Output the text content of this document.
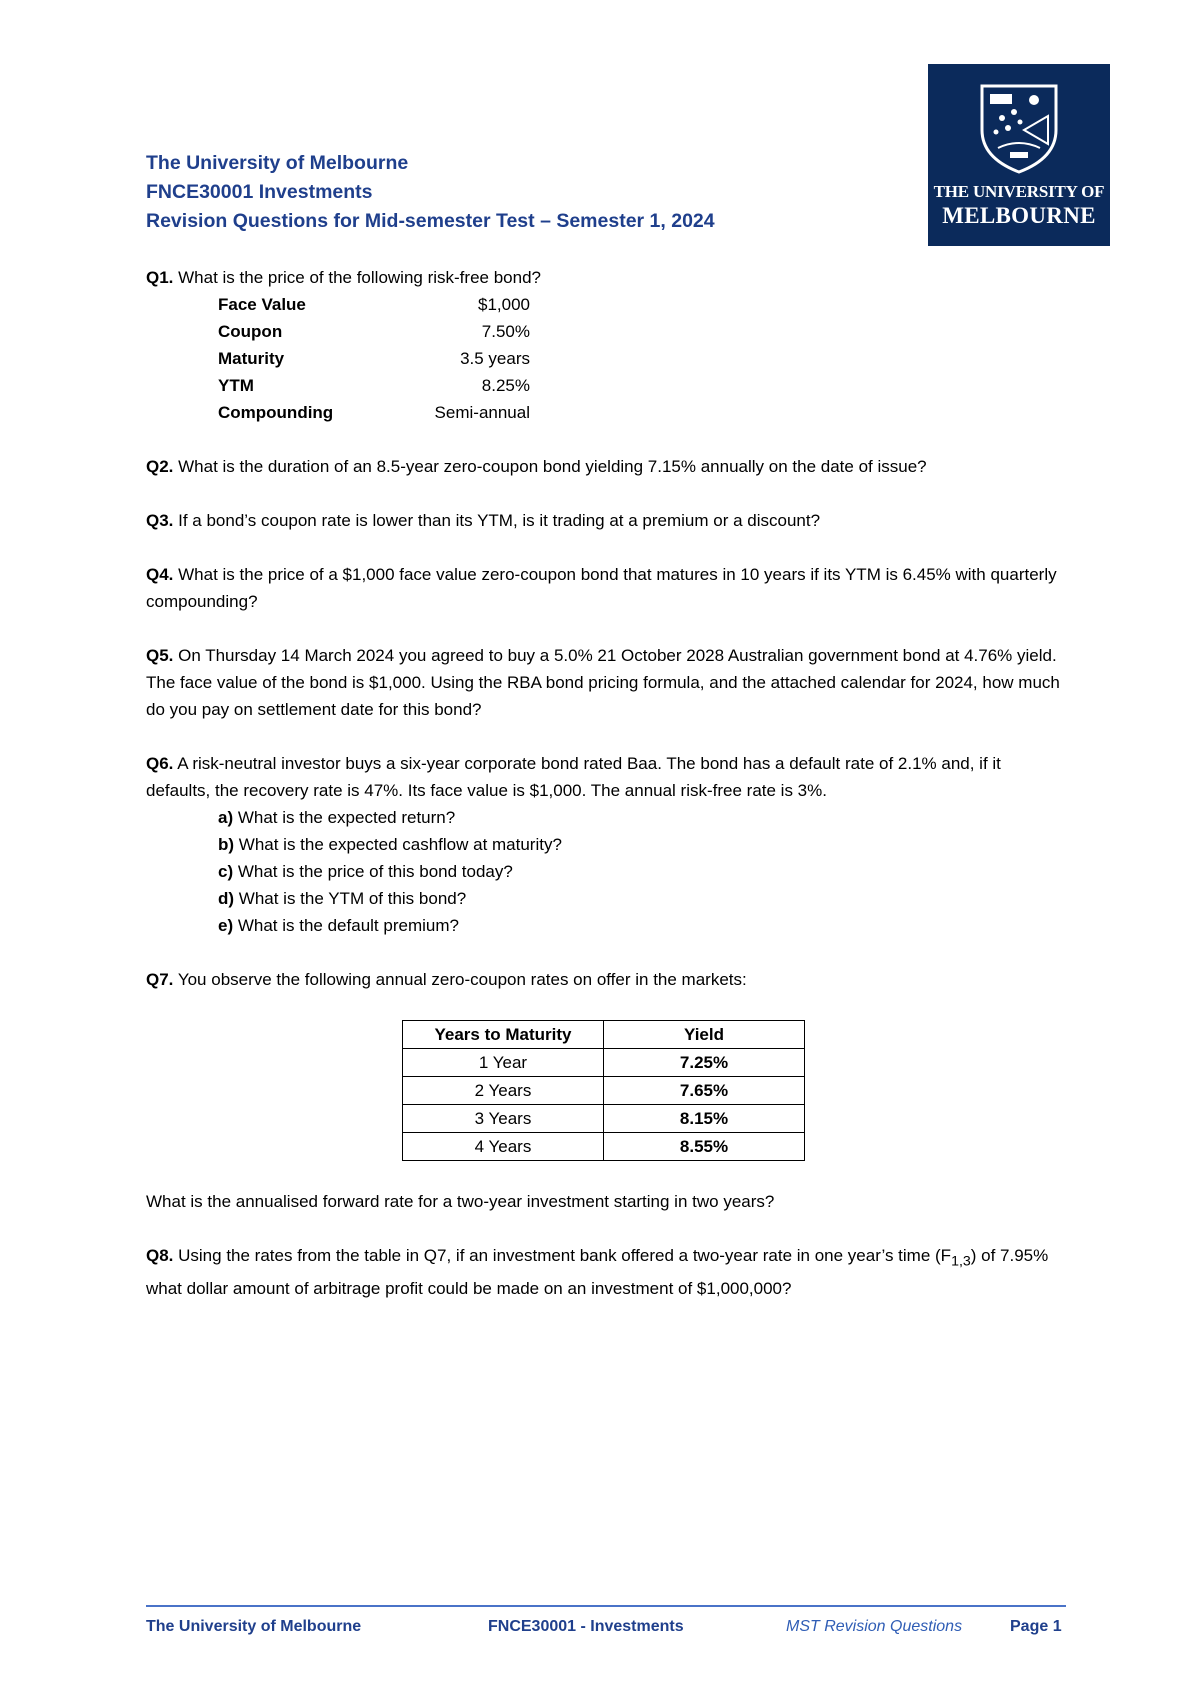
THE UNIVERSITY OF
MELBOURNE
The University of Melbourne
FNCE30001 Investments
Revision Questions for Mid-semester Test – Semester 1, 2024
Q1. What is the price of the following risk-free bond?
Face Value	$1,000
Coupon	7.50%
Maturity	3.5 years
YTM	8.25%
Compounding	Semi-annual
Q2. What is the duration of an 8.5-year zero-coupon bond yielding 7.15% annually on the date of issue?
Q3. If a bond’s coupon rate is lower than its YTM, is it trading at a premium or a discount?
Q4. What is the price of a $1,000 face value zero-coupon bond that matures in 10 years if its YTM is 6.45% with quarterly compounding?
Q5. On Thursday 14 March 2024 you agreed to buy a 5.0% 21 October 2028 Australian government bond at 4.76% yield. The face value of the bond is $1,000. Using the RBA bond pricing formula, and the attached calendar for 2024, how much do you pay on settlement date for this bond?
Q6. A risk-neutral investor buys a six-year corporate bond rated Baa. The bond has a default rate of 2.1% and, if it defaults, the recovery rate is 47%. Its face value is $1,000. The annual risk-free rate is 3%.
a) What is the expected return?
b) What is the expected cashflow at maturity?
c) What is the price of this bond today?
d) What is the YTM of this bond?
e) What is the default premium?
Q7. You observe the following annual zero-coupon rates on offer in the markets:
Years to Maturity	Yield
1 Year	7.25%
2 Years	7.65%
3 Years	8.15%
4 Years	8.55%
What is the annualised forward rate for a two-year investment starting in two years?
Q8. Using the rates from the table in Q7, if an investment bank offered a two-year rate in one year’s time $(F_{1,3})$ of 7.95% what dollar amount of arbitrage profit could be made on an investment of $1,000,000?
The University of Melbourne	FNCE30001 - Investments	MST Revision Questions	Page 1
